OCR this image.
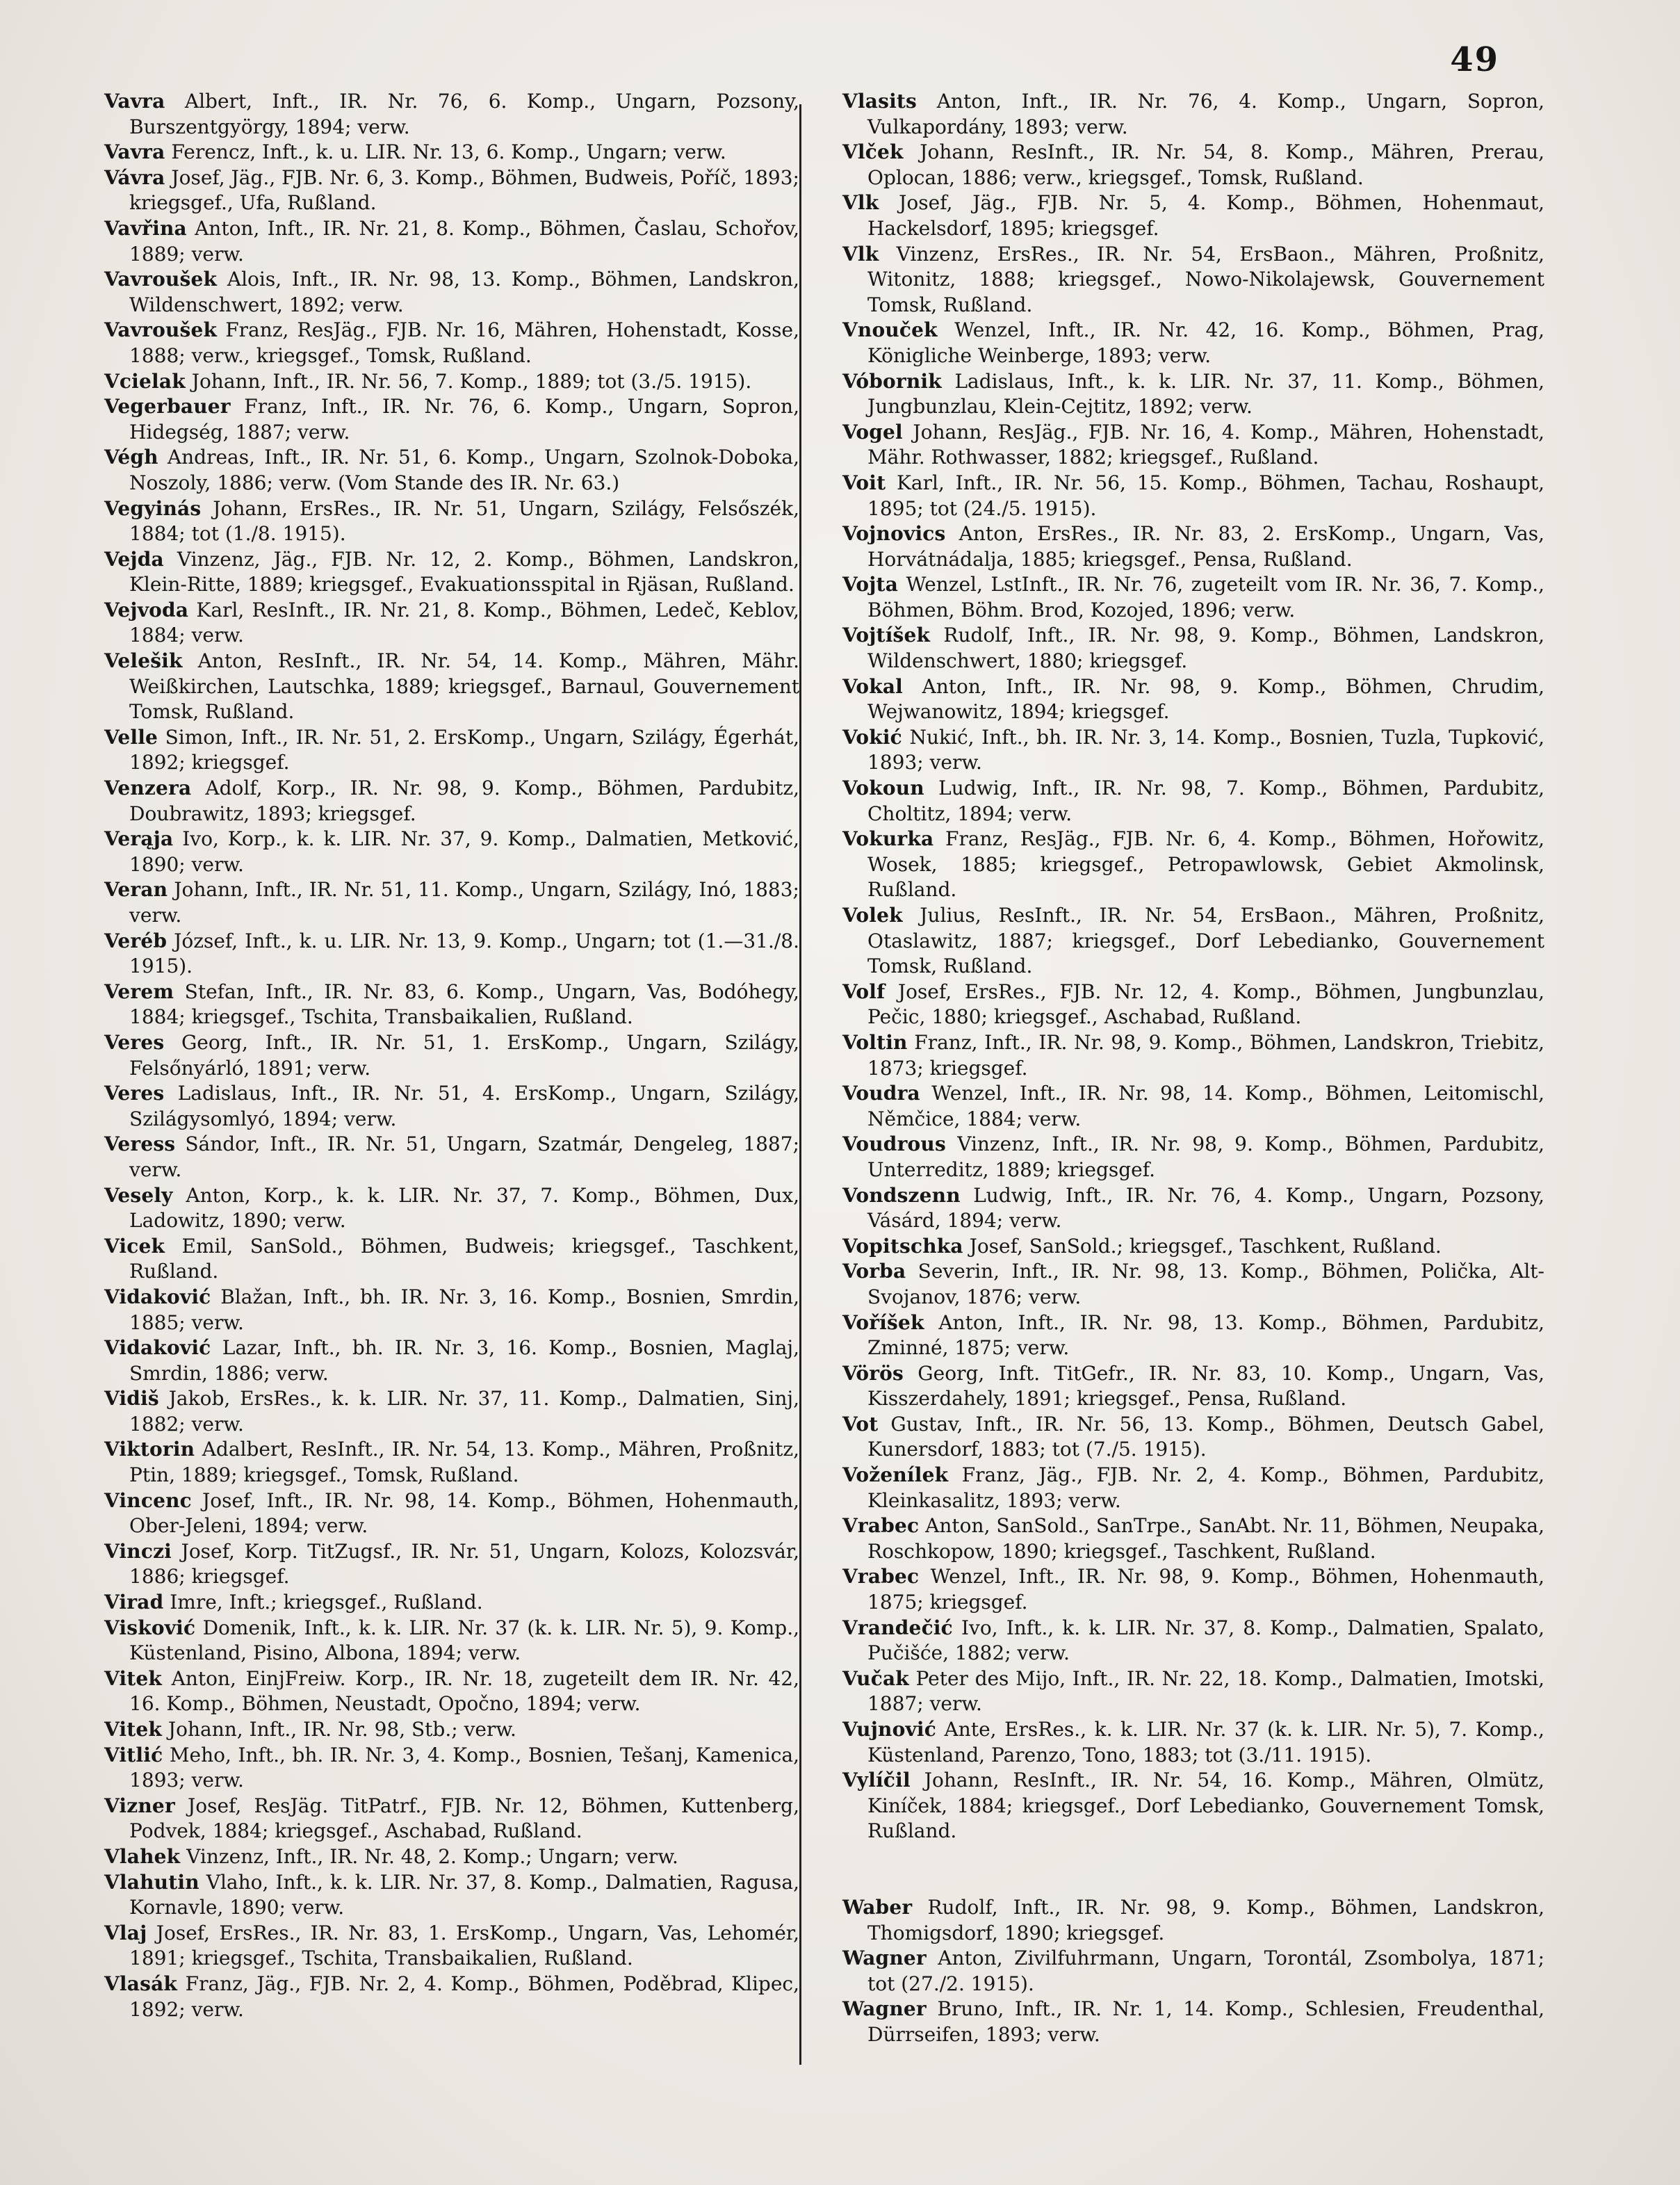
49
Vavra Albert, Inft., IR. Nr. 76, 6. Komp., Ungarn, Pozsony, Burszentgyörgy, 1894; verw.
Vavra Ferencz, Inft., k. u. LIR. Nr. 13, 6. Komp., Ungarn; verw.
Vávra Josef, Jäg., FJB. Nr. 6, 3. Komp., Böhmen, Budweis, Poříč, 1893; kriegsgef., Ufa, Rußland.
Vavřina Anton, Inft., IR. Nr. 21, 8. Komp., Böhmen, Časlau, Schořov, 1889; verw.
Vavroušek Alois, Inft., IR. Nr. 98, 13. Komp., Böhmen, Landskron, Wildenschwert, 1892; verw.
Vavroušek Franz, ResJäg., FJB. Nr. 16, Mähren, Hohenstadt, Kosse, 1888; verw., kriegsgef., Tomsk, Rußland.
Vcielak Johann, Inft., IR. Nr. 56, 7. Komp., 1889; tot (3./5. 1915).
Vegerbauer Franz, Inft., IR. Nr. 76, 6. Komp., Ungarn, Sopron, Hidegség, 1887; verw.
Végh Andreas, Inft., IR. Nr. 51, 6. Komp., Ungarn, Szolnok-Doboka, Noszoly, 1886; verw. (Vom Stande des IR. Nr. 63.)
Vegyinás Johann, ErsRes., IR. Nr. 51, Ungarn, Szilágy, Felsőszék, 1884; tot (1./8. 1915).
Vejda Vinzenz, Jäg., FJB. Nr. 12, 2. Komp., Böhmen, Landskron, Klein-Ritte, 1889; kriegsgef., Evakuationsspital in Rjäsan, Rußland.
Vejvoda Karl, ResInft., IR. Nr. 21, 8. Komp., Böhmen, Ledeč, Keblov, 1884; verw.
Velešik Anton, ResInft., IR. Nr. 54, 14. Komp., Mähren, Mähr. Weißkirchen, Lautschka, 1889; kriegsgef., Barnaul, Gouvernement Tomsk, Rußland.
Velle Simon, Inft., IR. Nr. 51, 2. ErsKomp., Ungarn, Szilágy, Égerhát, 1892; kriegsgef.
Venzera Adolf, Korp., IR. Nr. 98, 9. Komp., Böhmen, Pardubitz, Doubrawitz, 1893; kriegsgef.
Verąja Ivo, Korp., k. k. LIR. Nr. 37, 9. Komp., Dalmatien, Metković, 1890; verw.
Veran Johann, Inft., IR. Nr. 51, 11. Komp., Ungarn, Szilágy, Inó, 1883; verw.
Veréb József, Inft., k. u. LIR. Nr. 13, 9. Komp., Ungarn; tot (1.—31./8. 1915).
Verem Stefan, Inft., IR. Nr. 83, 6. Komp., Ungarn, Vas, Bodóhegy, 1884; kriegsgef., Tschita, Transbaikalien, Rußland.
Veres Georg, Inft., IR. Nr. 51, 1. ErsKomp., Ungarn, Szilágy, Felsőnyárló, 1891; verw.
Veres Ladislaus, Inft., IR. Nr. 51, 4. ErsKomp., Ungarn, Szilágy, Szilágysomlyó, 1894; verw.
Veress Sándor, Inft., IR. Nr. 51, Ungarn, Szatmár, Dengeleg, 1887; verw.
Vesely Anton, Korp., k. k. LIR. Nr. 37, 7. Komp., Böhmen, Dux, Ladowitz, 1890; verw.
Vicek Emil, SanSold., Böhmen, Budweis; kriegsgef., Taschkent, Rußland.
Vidaković Blažan, Inft., bh. IR. Nr. 3, 16. Komp., Bosnien, Smrdin, 1885; verw.
Vidaković Lazar, Inft., bh. IR. Nr. 3, 16. Komp., Bosnien, Maglaj, Smrdin, 1886; verw.
Vidiš Jakob, ErsRes., k. k. LIR. Nr. 37, 11. Komp., Dalmatien, Sinj, 1882; verw.
Viktorin Adalbert, ResInft., IR. Nr. 54, 13. Komp., Mähren, Proßnitz, Ptin, 1889; kriegsgef., Tomsk, Rußland.
Vincenc Josef, Inft., IR. Nr. 98, 14. Komp., Böhmen, Hohenmauth, Ober-Jeleni, 1894; verw.
Vinczi Josef, Korp. TitZugsf., IR. Nr. 51, Ungarn, Kolozs, Kolozsvár, 1886; kriegsgef.
Virad Imre, Inft.; kriegsgef., Rußland.
Visković Domenik, Inft., k. k. LIR. Nr. 37 (k. k. LIR. Nr. 5), 9. Komp., Küstenland, Pisino, Albona, 1894; verw.
Vitek Anton, EinjFreiw. Korp., IR. Nr. 18, zugeteilt dem IR. Nr. 42, 16. Komp., Böhmen, Neustadt, Opočno, 1894; verw.
Vitek Johann, Inft., IR. Nr. 98, Stb.; verw.
Vitlić Meho, Inft., bh. IR. Nr. 3, 4. Komp., Bosnien, Tešanj, Kamenica, 1893; verw.
Vizner Josef, ResJäg. TitPatrf., FJB. Nr. 12, Böhmen, Kuttenberg, Podvek, 1884; kriegsgef., Aschabad, Rußland.
Vlahek Vinzenz, Inft., IR. Nr. 48, 2. Komp.; Ungarn; verw.
Vlahutin Vlaho, Inft., k. k. LIR. Nr. 37, 8. Komp., Dalmatien, Ragusa, Kornavle, 1890; verw.
Vlaj Josef, ErsRes., IR. Nr. 83, 1. ErsKomp., Ungarn, Vas, Lehomér, 1891; kriegsgef., Tschita, Transbaikalien, Rußland.
Vlasák Franz, Jäg., FJB. Nr. 2, 4. Komp., Böhmen, Poděbrad, Klipec, 1892; verw.
Vlasits Anton, Inft., IR. Nr. 76, 4. Komp., Ungarn, Sopron, Vulkapordány, 1893; verw.
Vlček Johann, ResInft., IR. Nr. 54, 8. Komp., Mähren, Prerau, Oplocan, 1886; verw., kriegsgef., Tomsk, Rußland.
Vlk Josef, Jäg., FJB. Nr. 5, 4. Komp., Böhmen, Hohenmaut, Hackelsdorf, 1895; kriegsgef.
Vlk Vinzenz, ErsRes., IR. Nr. 54, ErsBaon., Mähren, Proßnitz, Witonitz, 1888; kriegsgef., Nowo-Nikolajewsk, Gouvernement Tomsk, Rußland.
Vnouček Wenzel, Inft., IR. Nr. 42, 16. Komp., Böhmen, Prag, Königliche Weinberge, 1893; verw.
Vóbornik Ladislaus, Inft., k. k. LIR. Nr. 37, 11. Komp., Böhmen, Jungbunzlau, Klein-Cejtitz, 1892; verw.
Vogel Johann, ResJäg., FJB. Nr. 16, 4. Komp., Mähren, Hohenstadt, Mähr. Rothwasser, 1882; kriegsgef., Rußland.
Voit Karl, Inft., IR. Nr. 56, 15. Komp., Böhmen, Tachau, Roshaupt, 1895; tot (24./5. 1915).
Vojnovics Anton, ErsRes., IR. Nr. 83, 2. ErsKomp., Ungarn, Vas, Horvátnádalja, 1885; kriegsgef., Pensa, Rußland.
Vojta Wenzel, LstInft., IR. Nr. 76, zugeteilt vom IR. Nr. 36, 7. Komp., Böhmen, Böhm. Brod, Kozojed, 1896; verw.
Vojtíšek Rudolf, Inft., IR. Nr. 98, 9. Komp., Böhmen, Landskron, Wildenschwert, 1880; kriegsgef.
Vokal Anton, Inft., IR. Nr. 98, 9. Komp., Böhmen, Chrudim, Wejwanowitz, 1894; kriegsgef.
Vokić Nukić, Inft., bh. IR. Nr. 3, 14. Komp., Bosnien, Tuzla, Tupković, 1893; verw.
Vokoun Ludwig, Inft., IR. Nr. 98, 7. Komp., Böhmen, Pardubitz, Choltitz, 1894; verw.
Vokurka Franz, ResJäg., FJB. Nr. 6, 4. Komp., Böhmen, Hořowitz, Wosek, 1885; kriegsgef., Petropawlowsk, Gebiet Akmolinsk, Rußland.
Volek Julius, ResInft., IR. Nr. 54, ErsBaon., Mähren, Proßnitz, Otaslawitz, 1887; kriegsgef., Dorf Lebedianko, Gouvernement Tomsk, Rußland.
Volf Josef, ErsRes., FJB. Nr. 12, 4. Komp., Böhmen, Jungbunzlau, Pečic, 1880; kriegsgef., Aschabad, Rußland.
Voltin Franz, Inft., IR. Nr. 98, 9. Komp., Böhmen, Landskron, Triebitz, 1873; kriegsgef.
Voudra Wenzel, Inft., IR. Nr. 98, 14. Komp., Böhmen, Leitomischl, Němčice, 1884; verw.
Voudrous Vinzenz, Inft., IR. Nr. 98, 9. Komp., Böhmen, Pardubitz, Unterreditz, 1889; kriegsgef.
Vondszenn Ludwig, Inft., IR. Nr. 76, 4. Komp., Ungarn, Pozsony, Vásárd, 1894; verw.
Vopitschka Josef, SanSold.; kriegsgef., Taschkent, Rußland.
Vorba Severin, Inft., IR. Nr. 98, 13. Komp., Böhmen, Polička, Alt-Svojanov, 1876; verw.
Voříšek Anton, Inft., IR. Nr. 98, 13. Komp., Böhmen, Pardubitz, Zminné, 1875; verw.
Vörös Georg, Inft. TitGefr., IR. Nr. 83, 10. Komp., Ungarn, Vas, Kisszerdahely, 1891; kriegsgef., Pensa, Rußland.
Vot Gustav, Inft., IR. Nr. 56, 13. Komp., Böhmen, Deutsch Gabel, Kunersdorf, 1883; tot (7./5. 1915).
Voženílek Franz, Jäg., FJB. Nr. 2, 4. Komp., Böhmen, Pardubitz, Kleinkasalitz, 1893; verw.
Vrabec Anton, SanSold., SanTrpe., SanAbt. Nr. 11, Böhmen, Neupaka, Roschkopow, 1890; kriegsgef., Taschkent, Rußland.
Vrabec Wenzel, Inft., IR. Nr. 98, 9. Komp., Böhmen, Hohenmauth, 1875; kriegsgef.
Vrandečić Ivo, Inft., k. k. LIR. Nr. 37, 8. Komp., Dalmatien, Spalato, Pučišće, 1882; verw.
Vučak Peter des Mijo, Inft., IR. Nr. 22, 18. Komp., Dalmatien, Imotski, 1887; verw.
Vujnović Ante, ErsRes., k. k. LIR. Nr. 37 (k. k. LIR. Nr. 5), 7. Komp., Küstenland, Parenzo, Tono, 1883; tot (3./11. 1915).
Vylíčil Johann, ResInft., IR. Nr. 54, 16. Komp., Mähren, Olmütz, Kiníček, 1884; kriegsgef., Dorf Lebedianko, Gouvernement Tomsk, Rußland.
Waber Rudolf, Inft., IR. Nr. 98, 9. Komp., Böhmen, Landskron, Thomigsdorf, 1890; kriegsgef.
Wagner Anton, Zivilfuhrmann, Ungarn, Torontál, Zsombolya, 1871; tot (27./2. 1915).
Wagner Bruno, Inft., IR. Nr. 1, 14. Komp., Schlesien, Freudenthal, Dürrseifen, 1893; verw.
